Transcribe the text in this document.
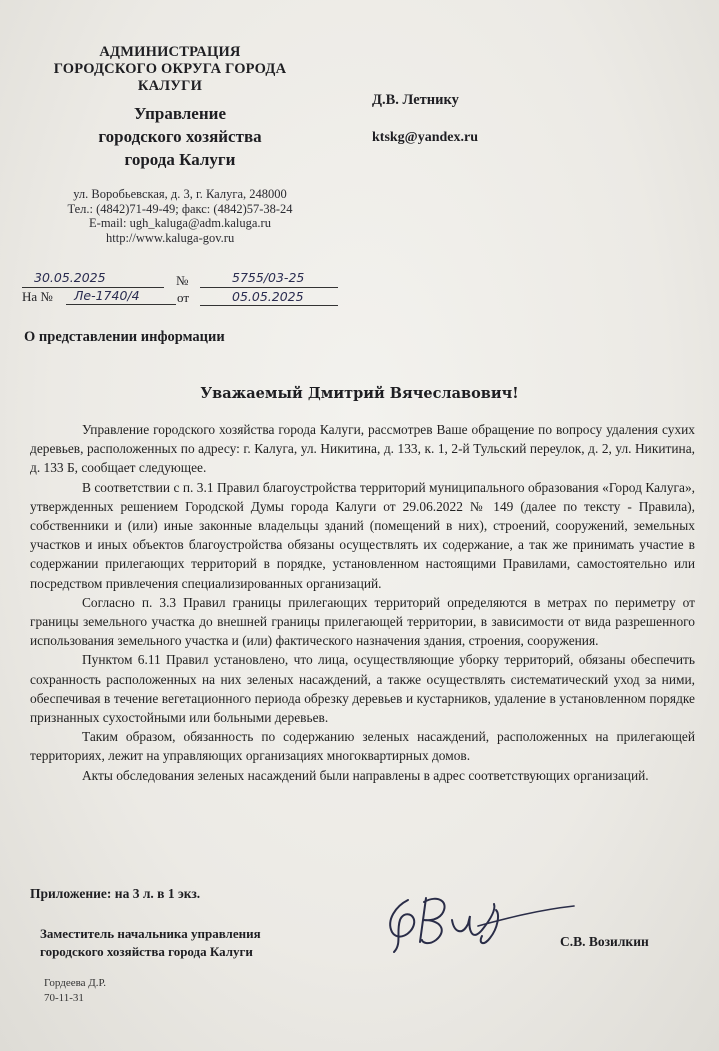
АДМИНИСТРАЦИЯ
ГОРОДСКОГО ОКРУГА ГОРОДА КАЛУГИ
Управление
городского хозяйства
города Калуги
ул. Воробьевская, д. 3, г. Калуга, 248000
Тел.: (4842)71-49-49; факс: (4842)57-38-24
E-mail: ugh_kaluga@adm.kaluga.ru
http://www.kaluga-gov.ru
Д.В. Летнику
ktskg@yandex.ru
30.05.2025	№	5755/03-25
На № Ле-1740/4	от	05.05.2025
О представлении информации
Уважаемый Дмитрий Вячеславович!

Управление городского хозяйства города Калуги, рассмотрев Ваше обращение по вопросу удаления сухих деревьев, расположенных по адресу: г. Калуга, ул. Никитина, д. 133, к. 1, 2-й Тульский переулок, д. 2, ул. Никитина, д. 133 Б, сообщает следующее.

В соответствии с п. 3.1 Правил благоустройства территорий муниципального образования «Город Калуга», утвержденных решением Городской Думы города Калуги от 29.06.2022 № 149 (далее по тексту - Правила), собственники и (или) иные законные владельцы зданий (помещений в них), строений, сооружений, земельных участков и иных объектов благоустройства обязаны осуществлять их содержание, а так же принимать участие в содержании прилегающих территорий в порядке, установленном настоящими Правилами, самостоятельно или посредством привлечения специализированных организаций.

Согласно п. 3.3 Правил границы прилегающих территорий определяются в метрах по периметру от границы земельного участка до внешней границы прилегающей территории, в зависимости от вида разрешенного использования земельного участка и (или) фактического назначения здания, строения, сооружения.

Пунктом 6.11 Правил установлено, что лица, осуществляющие уборку территорий, обязаны обеспечить сохранность расположенных на них зеленых насаждений, а также осуществлять систематический уход за ними, обеспечивая в течение вегетационного периода обрезку деревьев и кустарников, удаление в установленном порядке признанных сухостойными или больными деревьев.

Таким образом, обязанность по содержанию зеленых насаждений, расположенных на прилегающей территориях, лежит на управляющих организациях многоквартирных домов.

Акты обследования зеленых насаждений были направлены в адрес соответствующих организаций.

Приложение: на 3 л. в 1 экз.
Заместитель начальника управления
городского хозяйства города Калуги
С.В. Возилкин
Гордеева Д.Р.
70-11-31
